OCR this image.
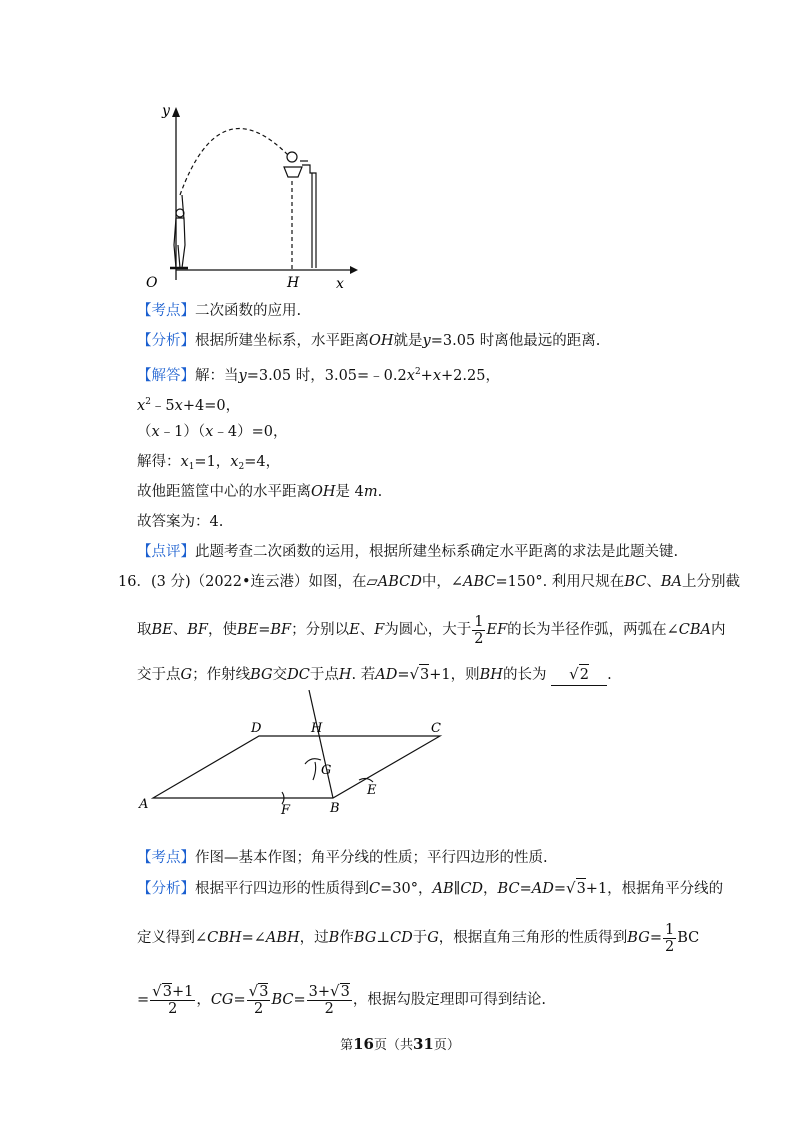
y
x
O	H
【考点】二次函数的应用.
【分析】根据所建坐标系，水平距离OH就是y=3.05 时离他最远的距离.
【解答】解：当y=3.05 时，$3.05=﹣0.2x^2+x+2.25$，
$x^2﹣5x+4=0$，
（x﹣1）（x﹣4）=0，
解得：$x_1=1$，$x_2=4$，
故他距篮筐中心的水平距离OH是 4m.
故答案为：4.
【点评】此题考查二次函数的运用，根据所建坐标系确定水平距离的求法是此题关键.
16．(3 分)（2022•连云港）如图，在▱ABCD中，∠ABC=150°. 利用尺规在BC、BA上分别截
取BE、BF，使BE=BF；分别以E、F为圆心，大于 $\frac{1}{2}$ EF的长为半径作弧，两弧在∠CBA内
交于点G；作射线BG交DC于点H. 若AD=√3+1，则BH的长为 √2 .
A	B
C
D
E
F
G
H
【考点】作图—基本作图；角平分线的性质；平行四边形的性质.
【分析】根据平行四边形的性质得到C=30°，AB∥CD，BC=AD=√3+1，根据角平分线的
定义得到∠CBH=∠ABH，过B作BG⊥CD于G，根据直角三角形的性质得到$BG= \frac{1}{2}$ BC
= $\frac{√3+1}{2}$ ，$CG= \frac{√3}{2} BC= \frac{3+√3}{2}$ ，根据勾股定理即可得到结论.
第16页（共31页）
